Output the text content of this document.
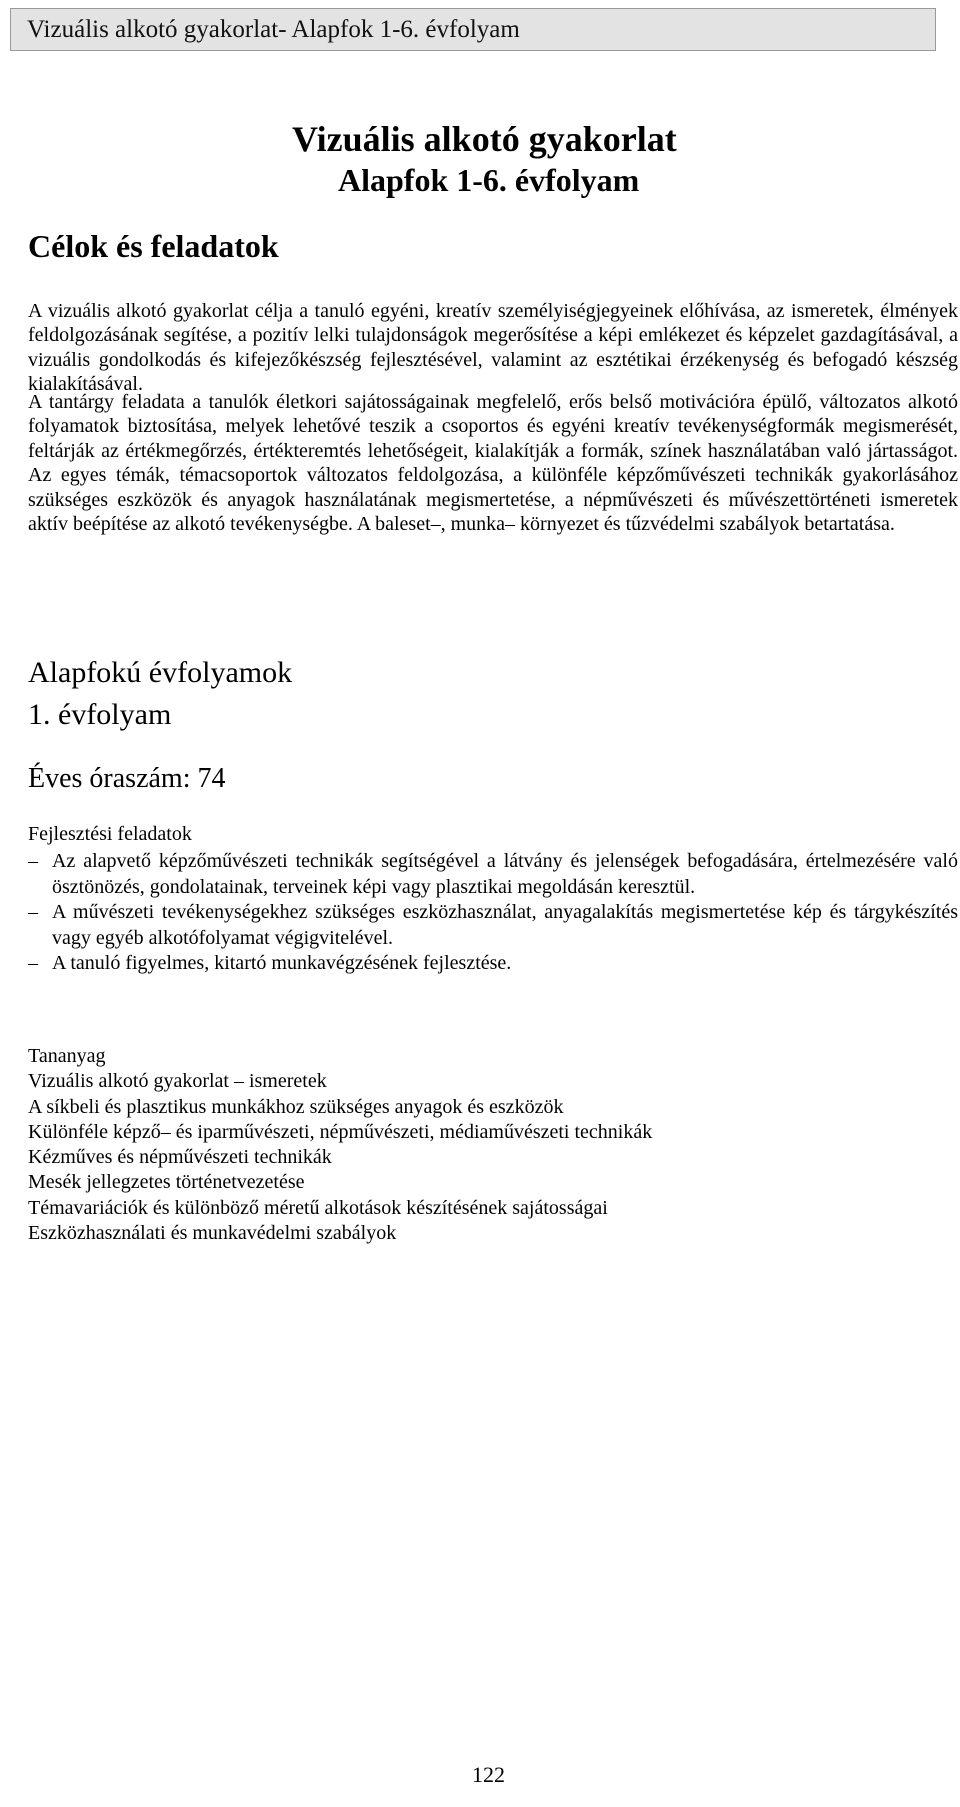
Vizuális alkotó gyakorlat- Alapfok 1-6. évfolyam
Vizuális alkotó gyakorlat
Alapfok 1-6. évfolyam
Célok és feladatok

A vizuális alkotó gyakorlat célja a tanuló egyéni, kreatív személyiségjegyeinek előhívása, az ismeretek, élmények feldolgozásának segítése, a pozitív lelki tulajdonságok megerősítése a képi emlékezet és képzelet gazdagításával, a vizuális gondolkodás és kifejezőkészség fejlesztésével, valamint az esztétikai érzékenység és befogadó készség kialakításával.

A tantárgy feladata a tanulók életkori sajátosságainak megfelelő, erős belső motivációra épülő, változatos alkotó folyamatok biztosítása, melyek lehetővé teszik a csoportos és egyéni kreatív tevékenységformák megismerését, feltárják az értékmegőrzés, értékteremtés lehetőségeit, kialakítják a formák, színek használatában való jártasságot. Az egyes témák, témacsoportok változatos feldolgozása, a különféle képzőművészeti technikák gyakorlásához szükséges eszközök és anyagok használatának megismertetése, a népművészeti és művészettörténeti ismeretek aktív beépítése az alkotó tevékenységbe. A baleset–, munka– környezet és tűzvédelmi szabályok betartatása.

Alapfokú évfolyamok
1. évfolyam
Éves óraszám: 74
Fejlesztési feladatok
– Az alapvető képzőművészeti technikák segítségével a látvány és jelenségek befogadására, értelmezésére való ösztönözés, gondolatainak, terveinek képi vagy plasztikai megoldásán keresztül.
– A művészeti tevékenységekhez szükséges eszközhasználat, anyagalakítás megismertetése kép és tárgykészítés vagy egyéb alkotófolyamat végigvitelével.
– A tanuló figyelmes, kitartó munkavégzésének fejlesztése.
Tananyag
Vizuális alkotó gyakorlat – ismeretek
A síkbeli és plasztikus munkákhoz szükséges anyagok és eszközök
Különféle képző– és iparművészeti, népművészeti, médiaművészeti technikák
Kézműves és népművészeti technikák
Mesék jellegzetes történetvezetése
Témavariációk és különböző méretű alkotások készítésének sajátosságai
Eszközhasználati és munkavédelmi szabályok
122
